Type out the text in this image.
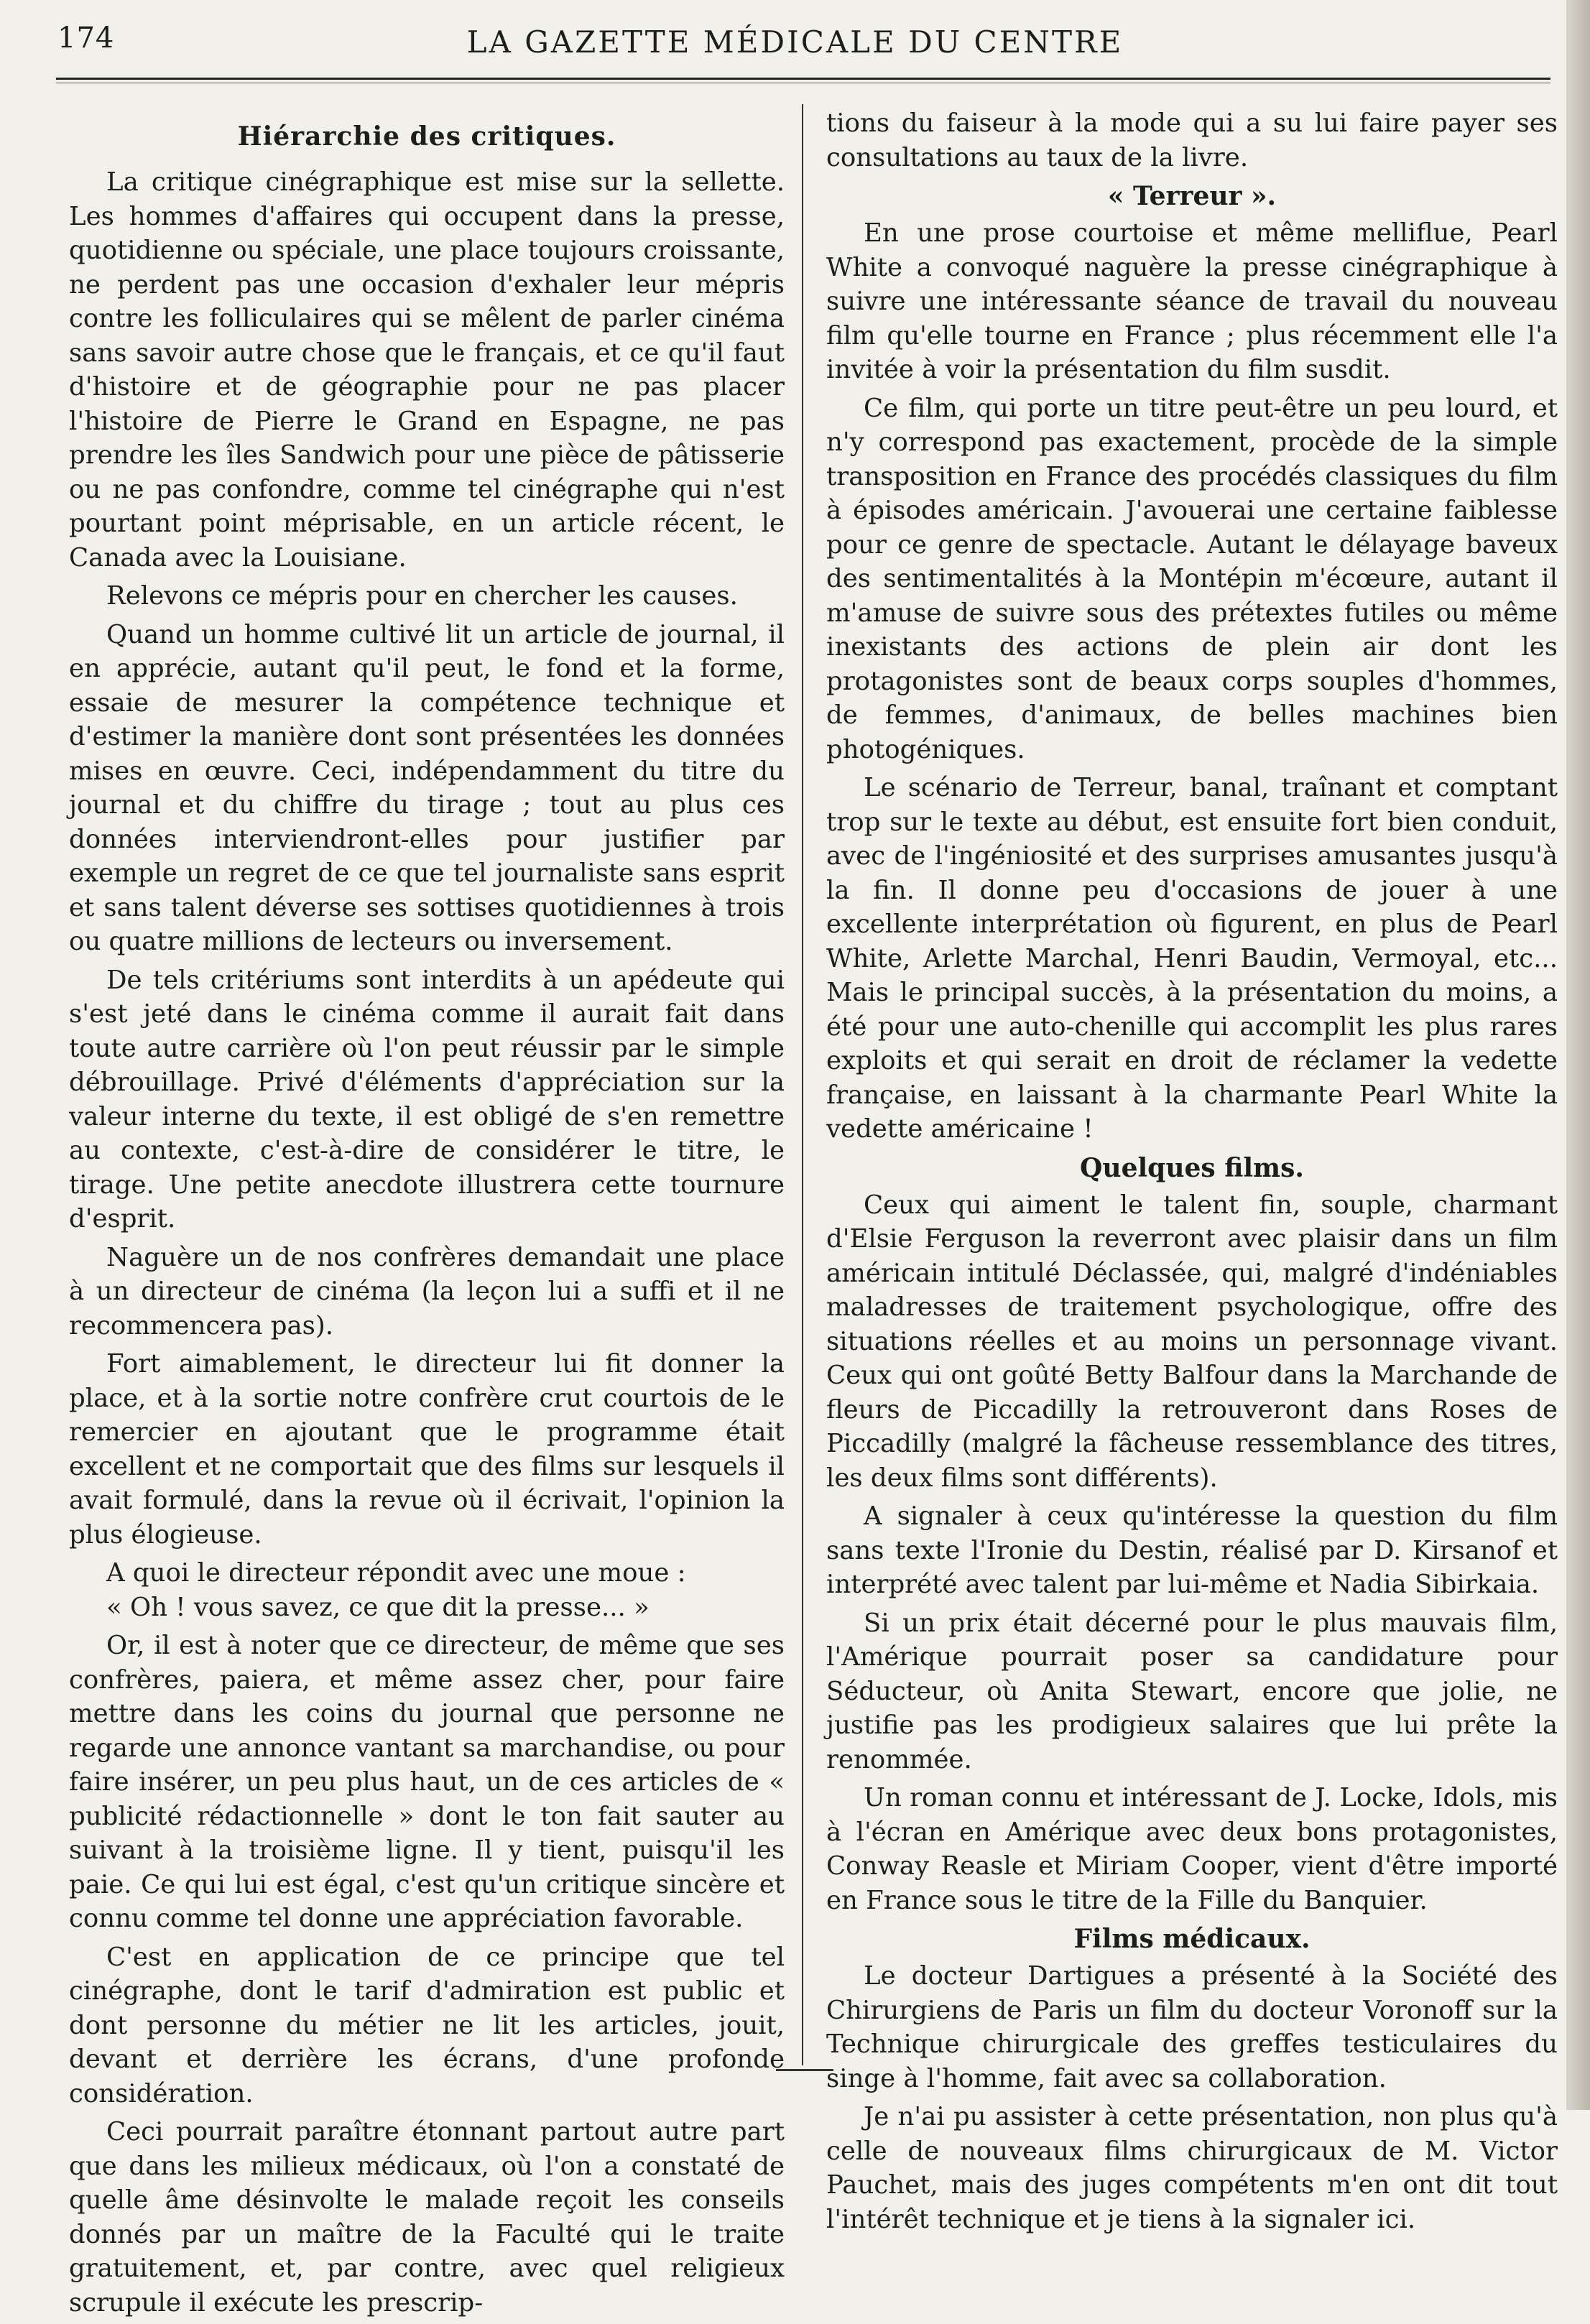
174	LA GAZETTE MÉDICALE DU CENTRE
Hiérarchie des critiques.

La critique cinégraphique est mise sur la sellette. Les hommes d'affaires qui occupent dans la presse, quotidienne ou spéciale, une place toujours croissante, ne perdent pas une occasion d'exhaler leur mépris contre les folliculaires qui se mêlent de parler cinéma sans savoir autre chose que le français, et ce qu'il faut d'histoire et de géographie pour ne pas placer l'histoire de Pierre le Grand en Espagne, ne pas prendre les îles Sandwich pour une pièce de pâtisserie ou ne pas confondre, comme tel cinégraphe qui n'est pourtant point méprisable, en un article récent, le Canada avec la Louisiane.

Relevons ce mépris pour en chercher les causes.

Quand un homme cultivé lit un article de journal, il en apprécie, autant qu'il peut, le fond et la forme, essaie de mesurer la compétence technique et d'estimer la manière dont sont présentées les données mises en œuvre. Ceci, indépendamment du titre du journal et du chiffre du tirage ; tout au plus ces données interviendront-elles pour justifier par exemple un regret de ce que tel journaliste sans esprit et sans talent déverse ses sottises quotidiennes à trois ou quatre millions de lecteurs ou inversement.

De tels critériums sont interdits à un apédeute qui s'est jeté dans le cinéma comme il aurait fait dans toute autre carrière où l'on peut réussir par le simple débrouillage. Privé d'éléments d'appréciation sur la valeur interne du texte, il est obligé de s'en remettre au contexte, c'est-à-dire de considérer le titre, le tirage. Une petite anecdote illustrera cette tournure d'esprit.

Naguère un de nos confrères demandait une place à un directeur de cinéma (la leçon lui a suffi et il ne recommencera pas).

Fort aimablement, le directeur lui fit donner la place, et à la sortie notre confrère crut courtois de le remercier en ajoutant que le programme était excellent et ne comportait que des films sur lesquels il avait formulé, dans la revue où il écrivait, l'opinion la plus élogieuse.

A quoi le directeur répondit avec une moue :

« Oh ! vous savez, ce que dit la presse... »

Or, il est à noter que ce directeur, de même que ses confrères, paiera, et même assez cher, pour faire mettre dans les coins du journal que personne ne regarde une annonce vantant sa marchandise, ou pour faire insérer, un peu plus haut, un de ces articles de « publicité rédactionnelle » dont le ton fait sauter au suivant à la troisième ligne. Il y tient, puisqu'il les paie. Ce qui lui est égal, c'est qu'un critique sincère et connu comme tel donne une appréciation favorable.

C'est en application de ce principe que tel cinégraphe, dont le tarif d'admiration est public et dont personne du métier ne lit les articles, jouit, devant et derrière les écrans, d'une profonde considération.

Ceci pourrait paraître étonnant partout autre part que dans les milieux médicaux, où l'on a constaté de quelle âme désinvolte le malade reçoit les conseils donnés par un maître de la Faculté qui le traite gratuitement, et, par contre, avec quel religieux scrupule il exécute les prescrip-

tions du faiseur à la mode qui a su lui faire payer ses consultations au taux de la livre.

« Terreur ».

En une prose courtoise et même melliflue, Pearl White a convoqué naguère la presse cinégraphique à suivre une intéressante séance de travail du nouveau film qu'elle tourne en France ; plus récemment elle l'a invitée à voir la présentation du film susdit.

Ce film, qui porte un titre peut-être un peu lourd, et n'y correspond pas exactement, procède de la simple transposition en France des procédés classiques du film à épisodes américain. J'avouerai une certaine faiblesse pour ce genre de spectacle. Autant le délayage baveux des sentimentalités à la Montépin m'écœure, autant il m'amuse de suivre sous des prétextes futiles ou même inexistants des actions de plein air dont les protagonistes sont de beaux corps souples d'hommes, de femmes, d'animaux, de belles machines bien photogéniques.

Le scénario de Terreur, banal, traînant et comptant trop sur le texte au début, est ensuite fort bien conduit, avec de l'ingéniosité et des surprises amusantes jusqu'à la fin. Il donne peu d'occasions de jouer à une excellente interprétation où figurent, en plus de Pearl White, Arlette Marchal, Henri Baudin, Vermoyal, etc... Mais le principal succès, à la présentation du moins, a été pour une auto-chenille qui accomplit les plus rares exploits et qui serait en droit de réclamer la vedette française, en laissant à la charmante Pearl White la vedette américaine !

Quelques films.

Ceux qui aiment le talent fin, souple, charmant d'Elsie Ferguson la reverront avec plaisir dans un film américain intitulé Déclassée, qui, malgré d'indéniables maladresses de traitement psychologique, offre des situations réelles et au moins un personnage vivant. Ceux qui ont goûté Betty Balfour dans la Marchande de fleurs de Piccadilly la retrouveront dans Roses de Piccadilly (malgré la fâcheuse ressemblance des titres, les deux films sont différents).

A signaler à ceux qu'intéresse la question du film sans texte l'Ironie du Destin, réalisé par D. Kirsanof et interprété avec talent par lui-même et Nadia Sibirkaia.

Si un prix était décerné pour le plus mauvais film, l'Amérique pourrait poser sa candidature pour Séducteur, où Anita Stewart, encore que jolie, ne justifie pas les prodigieux salaires que lui prête la renommée.

Un roman connu et intéressant de J. Locke, Idols, mis à l'écran en Amérique avec deux bons protagonistes, Conway Reasle et Miriam Cooper, vient d'être importé en France sous le titre de la Fille du Banquier.

Films médicaux.

Le docteur Dartigues a présenté à la Société des Chirurgiens de Paris un film du docteur Voronoff sur la Technique chirurgicale des greffes testiculaires du singe à l'homme, fait avec sa collaboration.

Je n'ai pu assister à cette présentation, non plus qu'à celle de nouveaux films chirurgicaux de M. Victor Pauchet, mais des juges compétents m'en ont dit tout l'intérêt technique et je tiens à la signaler ici.
